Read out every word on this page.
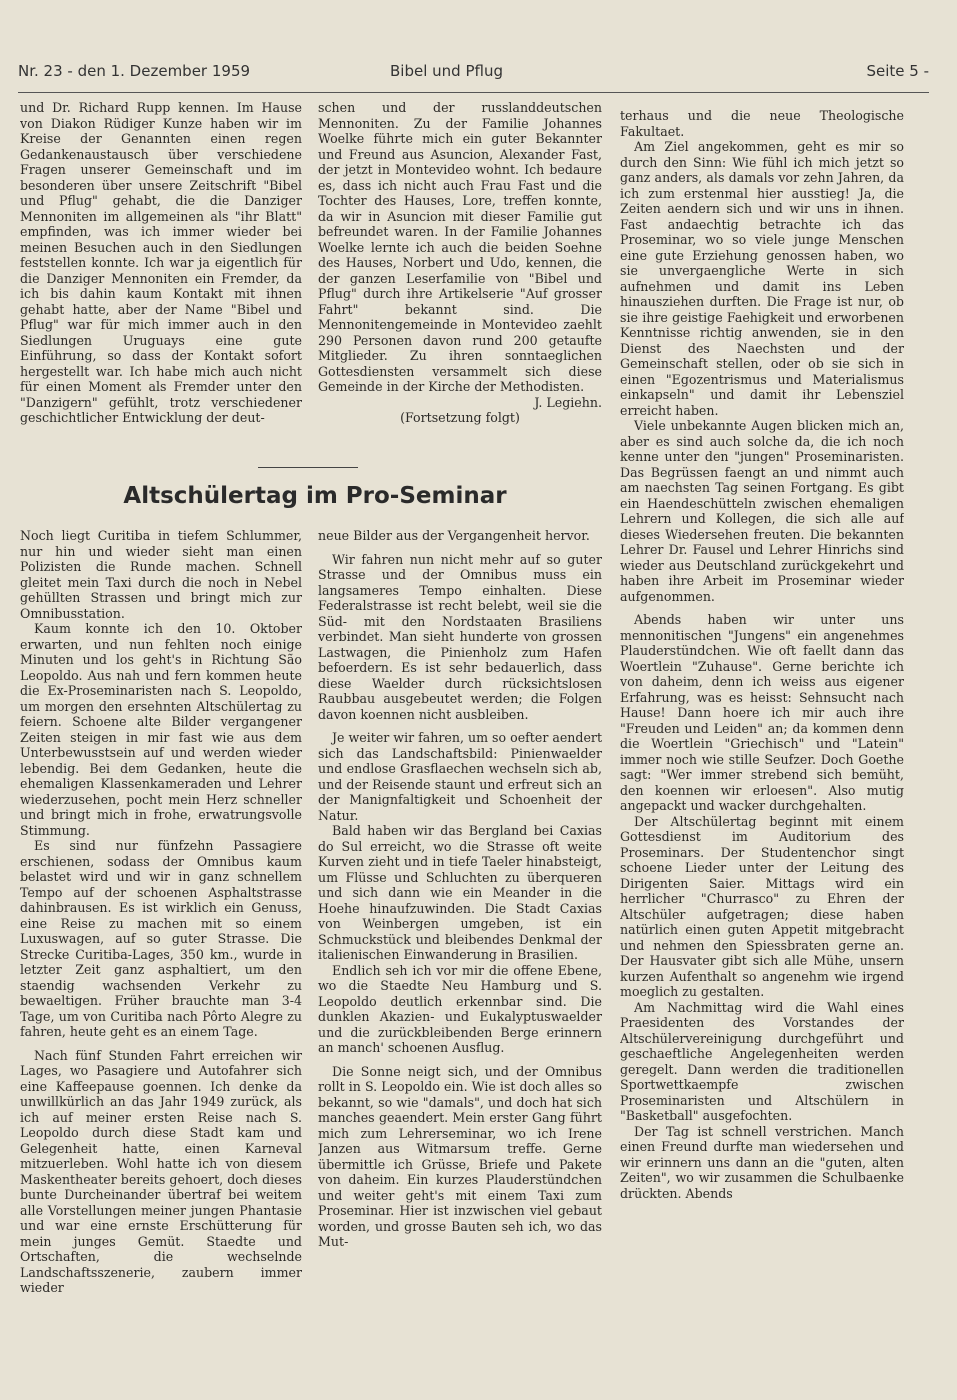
Nr. 23 - den 1. Dezember 1959	Bibel und Pflug	Seite 5 -

und Dr. Richard Rupp kennen. Im Hause von Diakon Rüdiger Kunze haben wir im Kreise der Genannten einen regen Gedankenaustausch über verschiedene Fragen unserer Gemeinschaft und im besonderen über unsere Zeitschrift "Bibel und Pflug" gehabt, die die Danziger Mennoniten im allgemeinen als "ihr Blatt" empfinden, was ich immer wieder bei meinen Besuchen auch in den Siedlungen feststellen konnte. Ich war ja eigentlich für die Danziger Mennoniten ein Fremder, da ich bis dahin kaum Kontakt mit ihnen gehabt hatte, aber der Name "Bibel und Pflug" war für mich immer auch in den Siedlungen Uruguays eine gute Einführung, so dass der Kontakt sofort hergestellt war. Ich habe mich auch nicht für einen Moment als Fremder unter den "Danzigern" gefühlt, trotz verschiedener geschichtlicher Entwicklung der deut-

schen und der russlanddeutschen Mennoniten. Zu der Familie Johannes Woelke führte mich ein guter Bekannter und Freund aus Asuncion, Alexander Fast, der jetzt in Montevideo wohnt. Ich bedaure es, dass ich nicht auch Frau Fast und die Tochter des Hauses, Lore, treffen konnte, da wir in Asuncion mit dieser Familie gut befreundet waren. In der Familie Johannes Woelke lernte ich auch die beiden Soehne des Hauses, Norbert und Udo, kennen, die der ganzen Leserfamilie von "Bibel und Pflug" durch ihre Artikelserie "Auf grosser Fahrt" bekannt sind. Die Mennonitengemeinde in Montevideo zaehlt 290 Personen davon rund 200 getaufte Mitglieder. Zu ihren sonntaeglichen Gottesdiensten versammelt sich diese Gemeinde in der Kirche der Methodisten.

J. Legiehn.

(Fortsetzung folgt)

Altschülertag im Pro-Seminar

Noch liegt Curitiba in tiefem Schlummer, nur hin und wieder sieht man einen Polizisten die Runde machen. Schnell gleitet mein Taxi durch die noch in Nebel gehüllten Strassen und bringt mich zur Omnibusstation.

Kaum konnte ich den 10. Oktober erwarten, und nun fehlten noch einige Minuten und los geht's in Richtung São Leopoldo. Aus nah und fern kommen heute die Ex-Proseminaristen nach S. Leopoldo, um morgen den ersehnten Altschülertag zu feiern. Schoene alte Bilder vergangener Zeiten steigen in mir fast wie aus dem Unterbewusstsein auf und werden wieder lebendig. Bei dem Gedanken, heute die ehemaligen Klassenkameraden und Lehrer wiederzusehen, pocht mein Herz schneller und bringt mich in frohe, erwatrungsvolle Stimmung.

Es sind nur fünfzehn Passagiere erschienen, sodass der Omnibus kaum belastet wird und wir in ganz schnellem Tempo auf der schoenen Asphaltstrasse dahinbrausen. Es ist wirklich ein Genuss, eine Reise zu machen mit so einem Luxuswagen, auf so guter Strasse. Die Strecke Curitiba-Lages, 350 km., wurde in letzter Zeit ganz asphaltiert, um den staendig wachsenden Verkehr zu bewaeltigen. Früher brauchte man 3-4 Tage, um von Curitiba nach Pôrto Alegre zu fahren, heute geht es an einem Tage.

Nach fünf Stunden Fahrt erreichen wir Lages, wo Pasagiere und Autofahrer sich eine Kaffeepause goennen. Ich denke da unwillkürlich an das Jahr 1949 zurück, als ich auf meiner ersten Reise nach S. Leopoldo durch diese Stadt kam und Gelegenheit hatte, einen Karneval mitzuerleben. Wohl hatte ich von diesem Maskentheater bereits gehoert, doch dieses bunte Durcheinander übertraf bei weitem alle Vorstellungen meiner jungen Phantasie und war eine ernste Erschütterung für mein junges Gemüt. Staedte und Ortschaften, die wechselnde Landschaftsszenerie, zaubern immer wieder

neue Bilder aus der Vergangenheit hervor.

Wir fahren nun nicht mehr auf so guter Strasse und der Omnibus muss ein langsameres Tempo einhalten. Diese Federalstrasse ist recht belebt, weil sie die Süd- mit den Nordstaaten Brasiliens verbindet. Man sieht hunderte von grossen Lastwagen, die Pinienholz zum Hafen befoerdern. Es ist sehr bedauerlich, dass diese Waelder durch rücksichtslosen Raubbau ausgebeutet werden; die Folgen davon koennen nicht ausbleiben.

Je weiter wir fahren, um so oefter aendert sich das Landschaftsbild: Pinienwaelder und endlose Grasflaechen wechseln sich ab, und der Reisende staunt und erfreut sich an der Manignfaltigkeit und Schoenheit der Natur.

Bald haben wir das Bergland bei Caxias do Sul erreicht, wo die Strasse oft weite Kurven zieht und in tiefe Taeler hinabsteigt, um Flüsse und Schluchten zu überqueren und sich dann wie ein Meander in die Hoehe hinaufzuwinden. Die Stadt Caxias von Weinbergen umgeben, ist ein Schmuckstück und bleibendes Denkmal der italienischen Einwanderung in Brasilien.

Endlich seh ich vor mir die offene Ebene, wo die Staedte Neu Hamburg und S. Leopoldo deutlich erkennbar sind. Die dunklen Akazien- und Eukalyptuswaelder und die zurückbleibenden Berge erinnern an manch' schoenen Ausflug.

Die Sonne neigt sich, und der Omnibus rollt in S. Leopoldo ein. Wie ist doch alles so bekannt, so wie "damals", und doch hat sich manches geaendert. Mein erster Gang führt mich zum Lehrerseminar, wo ich Irene Janzen aus Witmarsum treffe. Gerne übermittle ich Grüsse, Briefe und Pakete von daheim. Ein kurzes Plauderstündchen und weiter geht's mit einem Taxi zum Proseminar. Hier ist inzwischen viel gebaut worden, und grosse Bauten seh ich, wo das Mut-

terhaus und die neue Theologische Fakultaet.

Am Ziel angekommen, geht es mir so durch den Sinn: Wie fühl ich mich jetzt so ganz anders, als damals vor zehn Jahren, da ich zum erstenmal hier ausstieg! Ja, die Zeiten aendern sich und wir uns in ihnen. Fast andaechtig betrachte ich das Proseminar, wo so viele junge Menschen eine gute Erziehung genossen haben, wo sie unvergaengliche Werte in sich aufnehmen und damit ins Leben hinausziehen durften. Die Frage ist nur, ob sie ihre geistige Faehigkeit und erworbenen Kenntnisse richtig anwenden, sie in den Dienst des Naechsten und der Gemeinschaft stellen, oder ob sie sich in einen "Egozentrismus und Materialismus einkapseln" und damit ihr Lebensziel erreicht haben.

Viele unbekannte Augen blicken mich an, aber es sind auch solche da, die ich noch kenne unter den "jungen" Proseminaristen. Das Begrüssen faengt an und nimmt auch am naechsten Tag seinen Fortgang. Es gibt ein Haendeschütteln zwischen ehemaligen Lehrern und Kollegen, die sich alle auf dieses Wiedersehen freuten. Die bekannten Lehrer Dr. Fausel und Lehrer Hinrichs sind wieder aus Deutschland zurückgekehrt und haben ihre Arbeit im Proseminar wieder aufgenommen.

Abends haben wir unter uns mennonitischen "Jungens" ein angenehmes Plauderstündchen. Wie oft faellt dann das Woertlein "Zuhause". Gerne berichte ich von daheim, denn ich weiss aus eigener Erfahrung, was es heisst: Sehnsucht nach Hause! Dann hoere ich mir auch ihre "Freuden und Leiden" an; da kommen denn die Woertlein "Griechisch" und "Latein" immer noch wie stille Seufzer. Doch Goethe sagt: "Wer immer strebend sich bemüht, den koennen wir erloesen". Also mutig angepackt und wacker durchgehalten.

Der Altschülertag beginnt mit einem Gottesdienst im Auditorium des Proseminars. Der Studentenchor singt schoene Lieder unter der Leitung des Dirigenten Saier. Mittags wird ein herrlicher "Churrasco" zu Ehren der Altschüler aufgetragen; diese haben natürlich einen guten Appetit mitgebracht und nehmen den Spiessbraten gerne an. Der Hausvater gibt sich alle Mühe, unsern kurzen Aufenthalt so angenehm wie irgend moeglich zu gestalten.

Am Nachmittag wird die Wahl eines Praesidenten des Vorstandes der Altschülervereinigung durchgeführt und geschaeftliche Angelegenheiten werden geregelt. Dann werden die traditionellen Sportwettkaempfe zwischen Proseminaristen und Altschülern in "Basketball" ausgefochten.

Der Tag ist schnell verstrichen. Manch einen Freund durfte man wiedersehen und wir erinnern uns dann an die "guten, alten Zeiten", wo wir zusammen die Schulbaenke drückten. Abends
